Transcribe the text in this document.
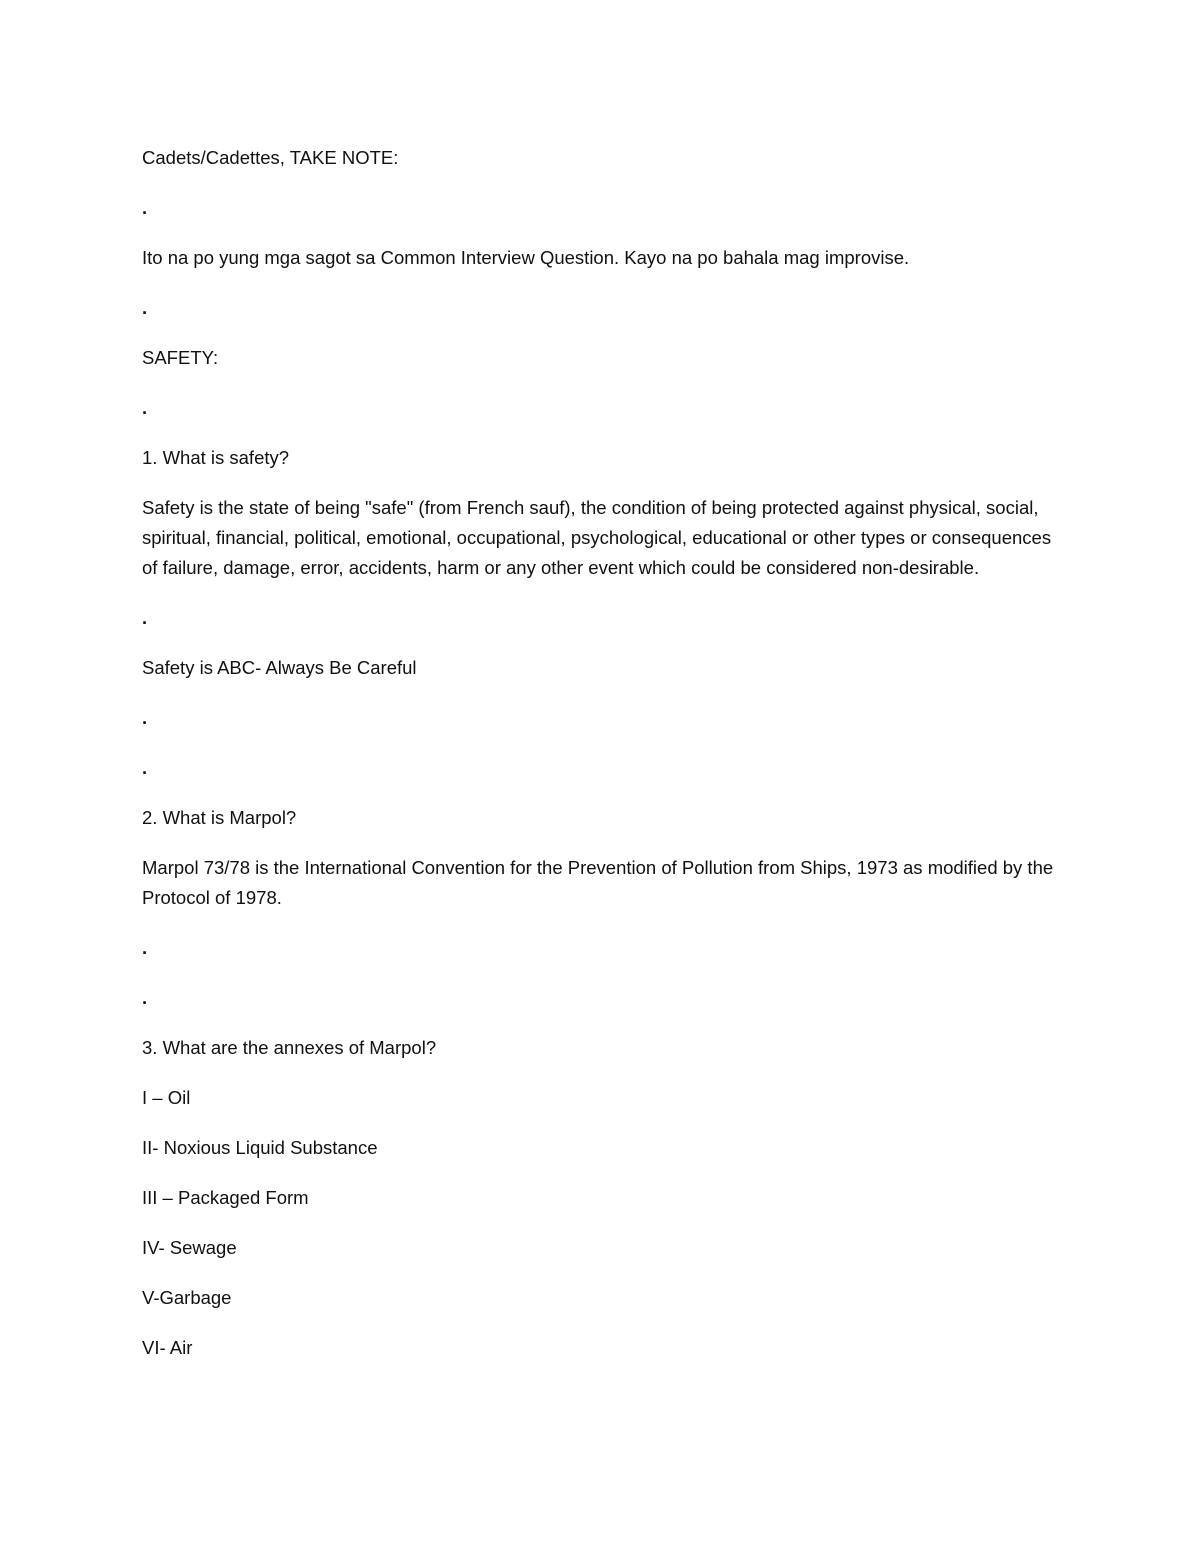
Cadets/Cadettes, TAKE NOTE:

.

Ito na po yung mga sagot sa Common Interview Question. Kayo na po bahala mag improvise.

.

SAFETY:

.

1. What is safety?

Safety is the state of being "safe" (from French sauf), the condition of being protected against physical, social, spiritual, financial, political, emotional, occupational, psychological, educational or other types or consequences of failure, damage, error, accidents, harm or any other event which could be considered non-desirable.

.

Safety is ABC- Always Be Careful

.

.

2. What is Marpol?

Marpol 73/78 is the International Convention for the Prevention of Pollution from Ships, 1973 as modified by the Protocol of 1978.

.

.

3. What are the annexes of Marpol?

I – Oil

II- Noxious Liquid Substance

III – Packaged Form

IV- Sewage

V-Garbage

VI- Air
